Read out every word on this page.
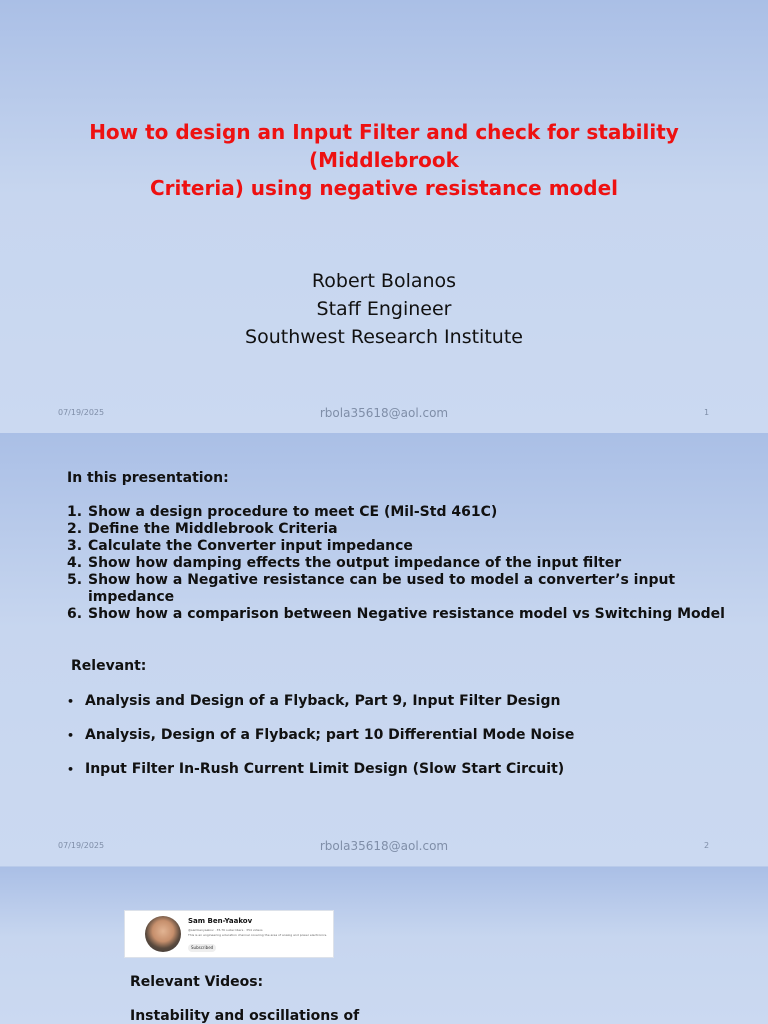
How to design an Input Filter and check for stability (Middlebrook
Criteria) using negative resistance model
Robert Bolanos
Staff Engineer
Southwest Research Institute
07/19/2025	rbola35618@aol.com	1
In this presentation:
1. Show a design procedure to meet CE (Mil-Std 461C)
2. Define the Middlebrook Criteria
3. Calculate the Converter input impedance
4. Show how damping effects the output impedance of the input filter
5. Show how a Negative resistance can be used to model a converter’s input impedance
6. Show how a comparison between Negative resistance model vs Switching Model
Relevant:
• Analysis and Design of a Flyback, Part 9, Input Filter Design
• Analysis, Design of a Flyback; part 10 Differential Mode Noise
• Input Filter In-Rush Current Limit Design (Slow Start Circuit)
07/19/2025	rbola35618@aol.com	2
Sam Ben-Yaakov
@sambenyaakov · 35.7K subscribers · 354 videos
This is an engineering education channel covering the area of analog and power electronics.
Subscribed
Relevant Videos:
Instability and oscillations of
